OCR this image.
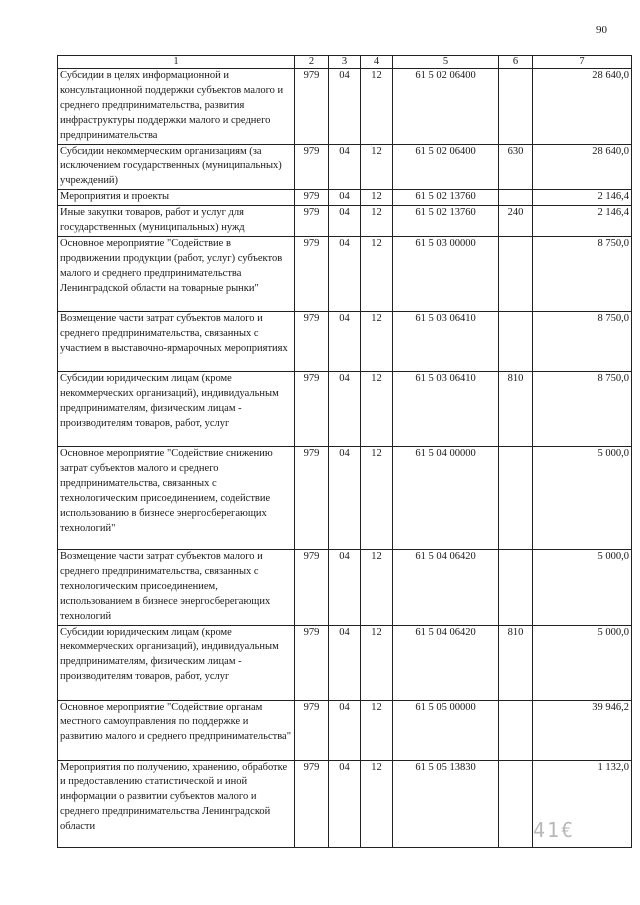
90
1	2	3	4	5	6	7
Субсидии в целях информационной и консультационной поддержки субъектов малого и среднего предпринимательства, развития инфраструктуры поддержки малого и среднего предпринимательства	979	04	12	61 5 02 06400		28 640,0
Субсидии некоммерческим организациям (за исключением государственных (муниципальных) учреждений)	979	04	12	61 5 02 06400	630	28 640,0
Мероприятия и проекты	979	04	12	61 5 02 13760		2 146,4
Иные закупки товаров, работ и услуг для государственных (муниципальных) нужд	979	04	12	61 5 02 13760	240	2 146,4
Основное мероприятие "Содействие в продвижении продукции (работ, услуг) субъектов малого и среднего предпринимательства Ленинградской области на товарные рынки"	979	04	12	61 5 03 00000		8 750,0
Возмещение части затрат субъектов малого и среднего предпринимательства, связанных с участием в выставочно-ярмарочных мероприятиях	979	04	12	61 5 03 06410		8 750,0
Субсидии юридическим лицам (кроме некоммерческих организаций), индивидуальным предпринимателям, физическим лицам - производителям товаров, работ, услуг	979	04	12	61 5 03 06410	810	8 750,0
Основное мероприятие "Содействие снижению затрат субъектов малого и среднего предпринимательства, связанных с технологическим присоединением, содействие использованию в бизнесе энергосберегающих технологий"	979	04	12	61 5 04 00000		5 000,0
Возмещение части затрат субъектов малого и среднего предпринимательства, связанных с технологическим присоединением, использованием в бизнесе энергосберегающих технологий	979	04	12	61 5 04 06420		5 000,0
Субсидии юридическим лицам (кроме некоммерческих организаций), индивидуальным предпринимателям, физическим лицам - производителям товаров, работ, услуг	979	04	12	61 5 04 06420	810	5 000,0
Основное мероприятие "Содействие органам местного самоуправления по поддержке и развитию малого и среднего предпринимательства"	979	04	12	61 5 05 00000		39 946,2
Мероприятия по получению, хранению, обработке и предоставлению статистической и иной информации о развитии субъектов малого и среднего предпринимательства Ленинградской области	979	04	12	61 5 05 13830		1 132,0
41€
